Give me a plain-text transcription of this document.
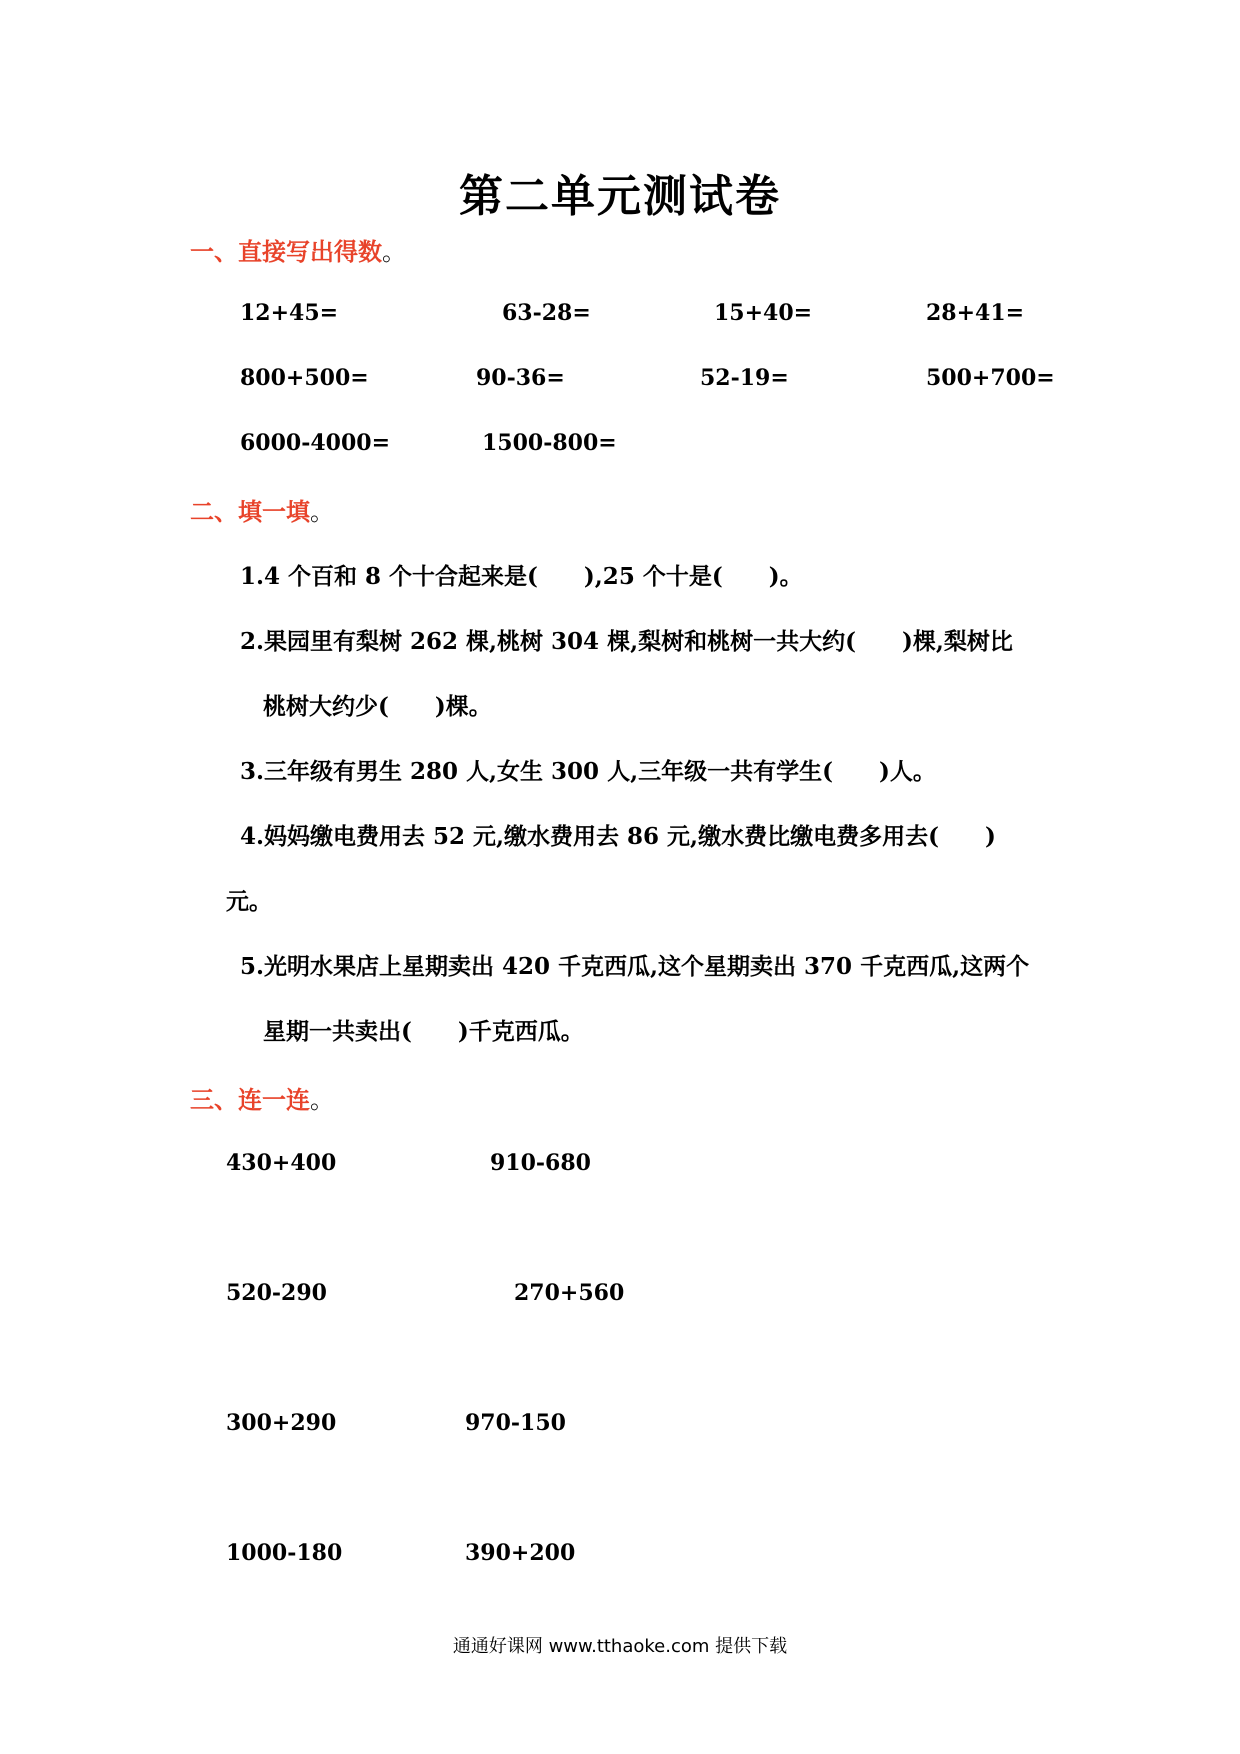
第二单元测试卷
一、直接写出得数。
12+45=	63-28=	15+40=	28+41=
800+500=	90-36=	52-19=	500+700=
6000-4000=	1500-800=
二、填一填。
1.4 个百和 8 个十合起来是(　　),25 个十是(　　)。
2.果园里有梨树 262 棵,桃树 304 棵,梨树和桃树一共大约(　　)棵,梨树比
桃树大约少(　　)棵。
3.三年级有男生 280 人,女生 300 人,三年级一共有学生(　　)人。
4.妈妈缴电费用去 52 元,缴水费用去 86 元,缴水费比缴电费多用去(　　)
元。
5.光明水果店上星期卖出 420 千克西瓜,这个星期卖出 370 千克西瓜,这两个
星期一共卖出(　　)千克西瓜。
三、连一连。
430+400	910-680
520-290	270+560
300+290	970-150
1000-180	390+200
通通好课网 www.tthaoke.com 提供下载
